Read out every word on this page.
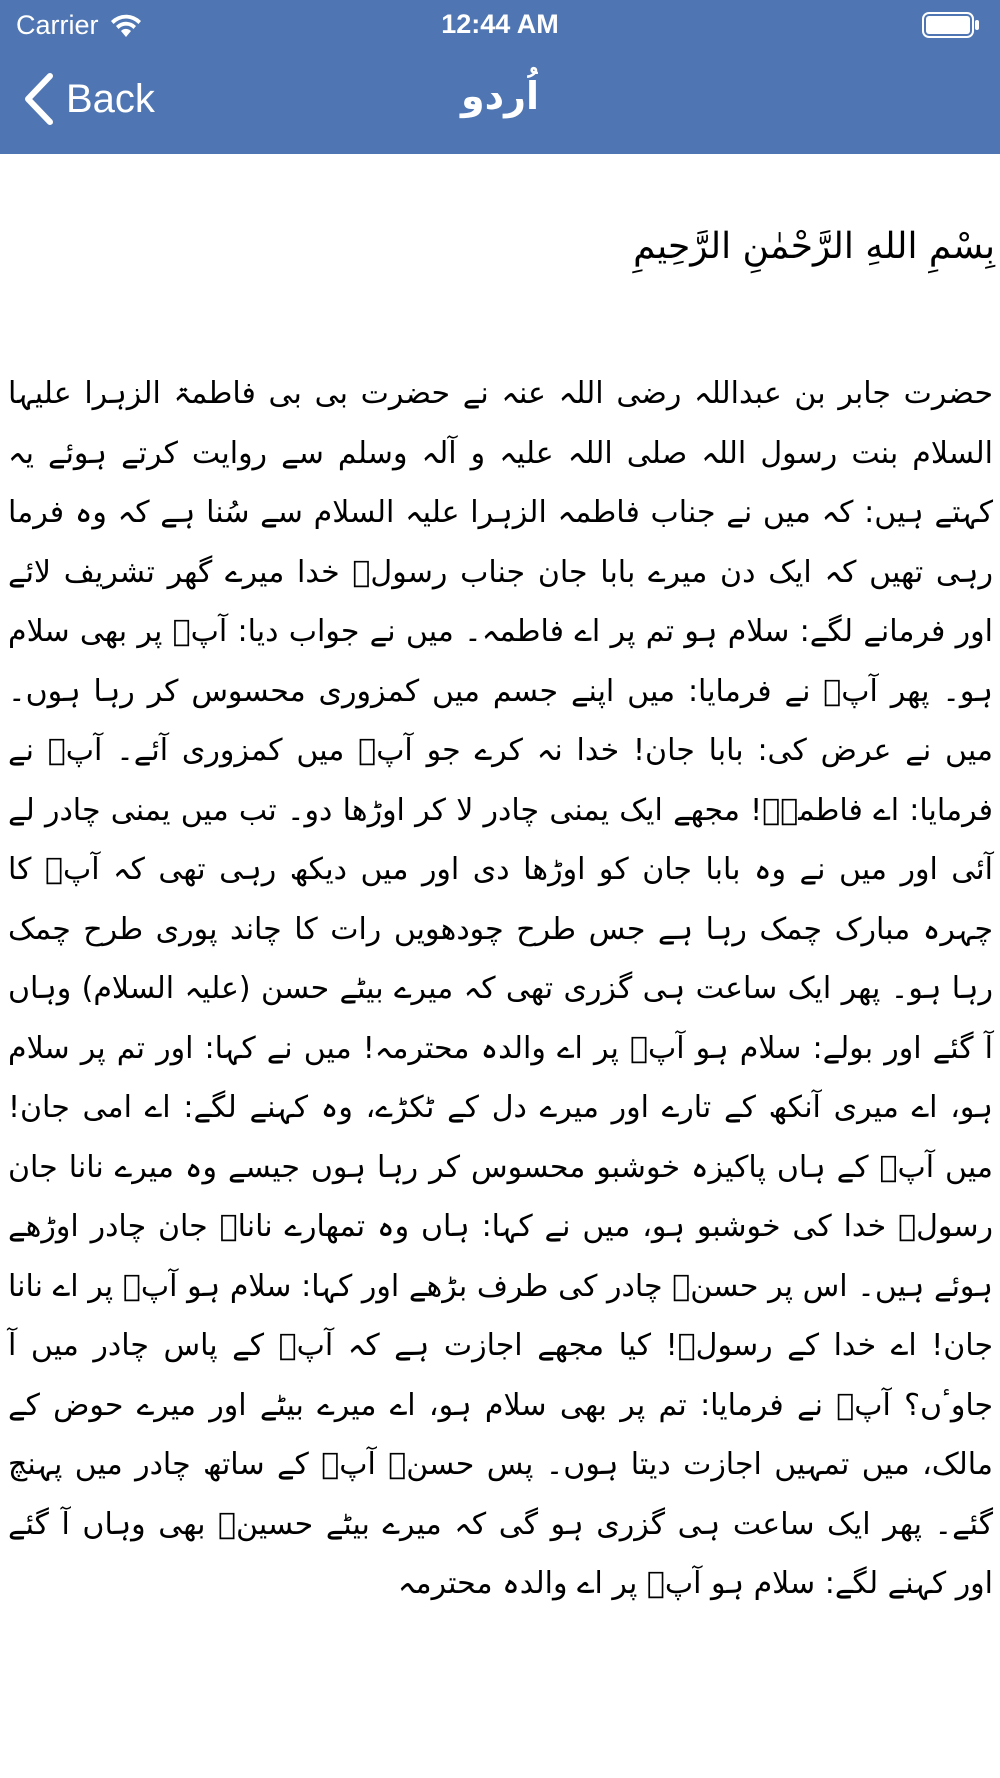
Carrier	12:44 AM
Back	اُردو
بِسْمِ اللهِ الرَّحْمٰنِ الرَّحِیمِ
حضرت جابر بن عبداللہ رضی اللہ عنہ نے حضرت بی بی فاطمۃ الزہرا علیہا السلام بنت رسول اللہ صلی اللہ علیہ و آلہ وسلم سے روایت کرتے ہوئے یہ کہتے ہیں: کہ میں نے جناب فاطمہ الزہرا علیہ السلام سے سُنا ہے کہ وہ فرما رہی تھیں کہ ایک دن میرے بابا جان جناب رسولؐ خدا میرے گھر تشریف لائے اور فرمانے لگے: سلام ہو تم پر اے فاطمہ۔ میں نے جواب دیا: آپؐ پر بھی سلام ہو۔ پھر آپؐ نے فرمایا: میں اپنے جسم میں کمزوری محسوس کر رہا ہوں۔ میں نے عرض کی: بابا جان! خدا نہ کرے جو آپؐ میں کمزوری آئے۔ آپؐ نے فرمایا: اے فاطمہؑ! مجھے ایک یمنی چادر لا کر اوڑھا دو۔ تب میں یمنی چادر لے آئی اور میں نے وہ بابا جان کو اوڑھا دی اور میں دیکھ رہی تھی کہ آپؐ کا چہرہ مبارک چمک رہا ہے جس طرح چودھویں رات کا چاند پوری طرح چمک رہا ہو۔ پھر ایک ساعت ہی گزری تھی کہ میرے بیٹے حسن (علیہ السلام) وہاں آ گئے اور بولے: سلام ہو آپؑ پر اے والدہ محترمہ! میں نے کہا: اور تم پر سلام ہو، اے میری آنکھ کے تارے اور میرے دل کے ٹکڑے، وہ کہنے لگے: اے امی جان! میں آپؑ کے ہاں پاکیزہ خوشبو محسوس کر رہا ہوں جیسے وہ میرے نانا جان رسولؐ خدا کی خوشبو ہو، میں نے کہا: ہاں وہ تمھارے ناناؐ جان چادر اوڑھے ہوئے ہیں۔ اس پر حسنؑ چادر کی طرف بڑھے اور کہا: سلام ہو آپؐ پر اے نانا جان! اے خدا کے رسولؐ! کیا مجھے اجازت ہے کہ آپؐ کے پاس چادر میں آ جاوٴں؟ آپؐ نے فرمایا: تم پر بھی سلام ہو، اے میرے بیٹے اور میرے حوض کے مالک، میں تمہیں اجازت دیتا ہوں۔ پس حسنؑ آپؐ کے ساتھ چادر میں پہنچ گئے۔ پھر ایک ساعت ہی گزری ہو گی کہ میرے بیٹے حسینؑ بھی وہاں آ گئے اور کہنے لگے: سلام ہو آپؑ پر اے والدہ محترمہ
